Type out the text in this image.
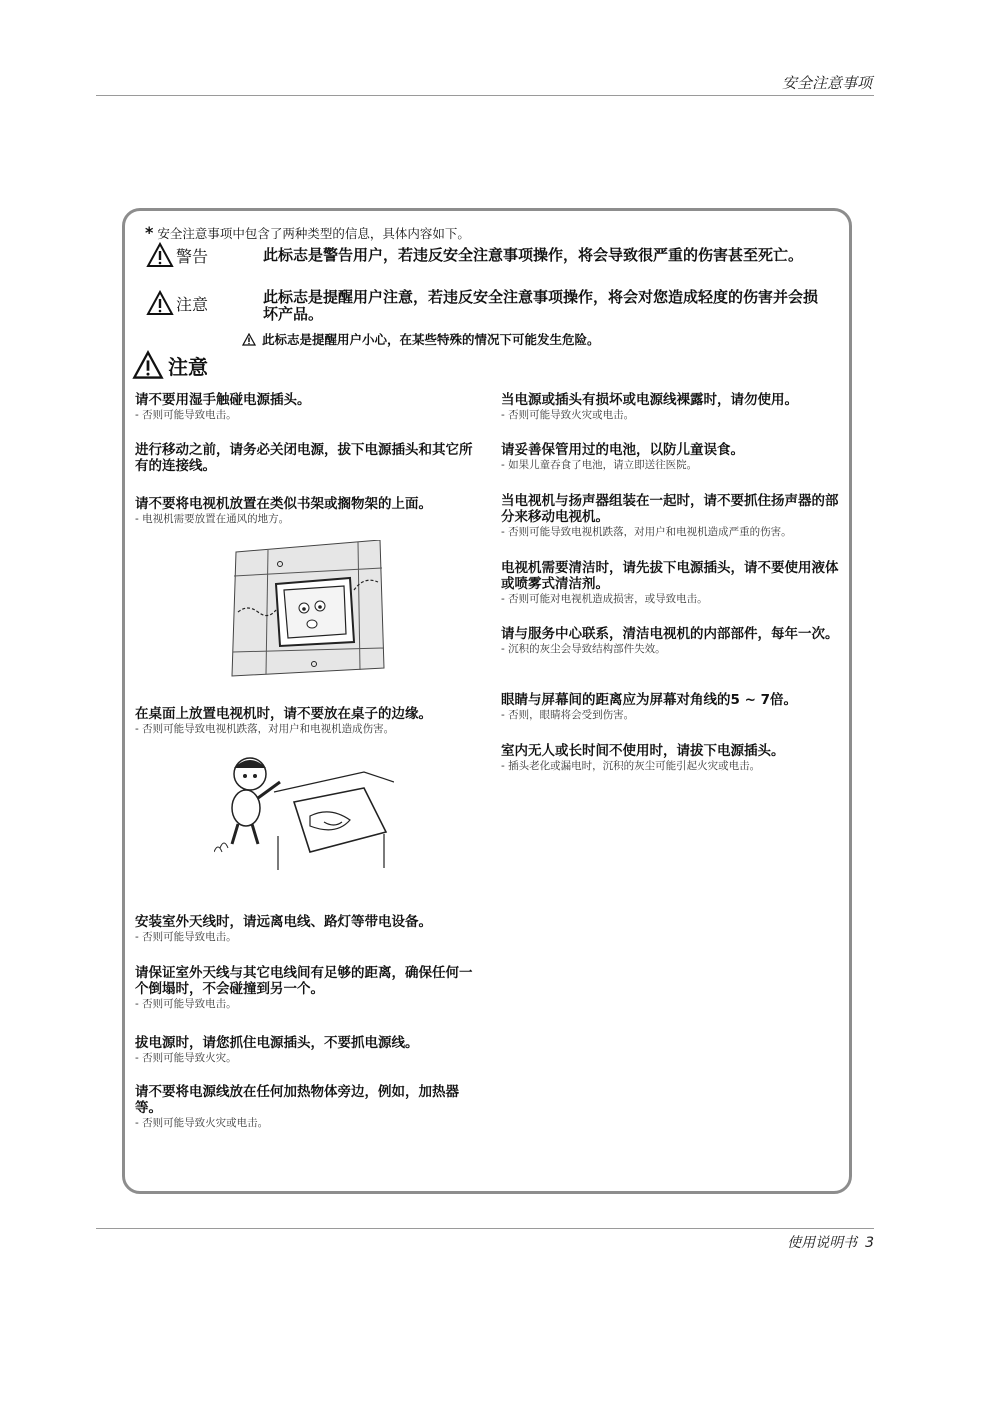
安全注意事项
* 安全注意事项中包含了两种类型的信息，具体内容如下。
警告	此标志是警告用户，若违反安全注意事项操作，将会导致很严重的伤害甚至死亡。
注意	此标志是提醒用户注意，若违反安全注意事项操作，将会对您造成轻度的伤害并会损坏产品。
此标志是提醒用户小心，在某些特殊的情况下可能发生危险。
注意
请不要用湿手触碰电源插头。
- 否则可能导致电击。
进行移动之前，请务必关闭电源，拔下电源插头和其它所有的连接线。
请不要将电视机放置在类似书架或搁物架的上面。
- 电视机需要放置在通风的地方。
在桌面上放置电视机时，请不要放在桌子的边缘。
- 否则可能导致电视机跌落，对用户和电视机造成伤害。
安装室外天线时，请远离电线、路灯等带电设备。
- 否则可能导致电击。
请保证室外天线与其它电线间有足够的距离，确保任何一个倒塌时，不会碰撞到另一个。
- 否则可能导致电击。
拔电源时，请您抓住电源插头，不要抓电源线。
- 否则可能导致火灾。
请不要将电源线放在任何加热物体旁边，例如，加热器等。
- 否则可能导致火灾或电击。
当电源或插头有损坏或电源线裸露时，请勿使用。
- 否则可能导致火灾或电击。
请妥善保管用过的电池，以防儿童误食。
- 如果儿童吞食了电池，请立即送往医院。
当电视机与扬声器组装在一起时，请不要抓住扬声器的部分来移动电视机。
- 否则可能导致电视机跌落，对用户和电视机造成严重的伤害。
电视机需要清洁时，请先拔下电源插头，请不要使用液体或喷雾式清洁剂。
- 否则可能对电视机造成损害，或导致电击。
请与服务中心联系，清洁电视机的内部部件，每年一次。
- 沉积的灰尘会导致结构部件失效。
眼睛与屏幕间的距离应为屏幕对角线的5 ~ 7倍。
- 否则，眼睛将会受到伤害。
室内无人或长时间不使用时，请拔下电源插头。
- 插头老化或漏电时，沉积的灰尘可能引起火灾或电击。
使用说明书 3
